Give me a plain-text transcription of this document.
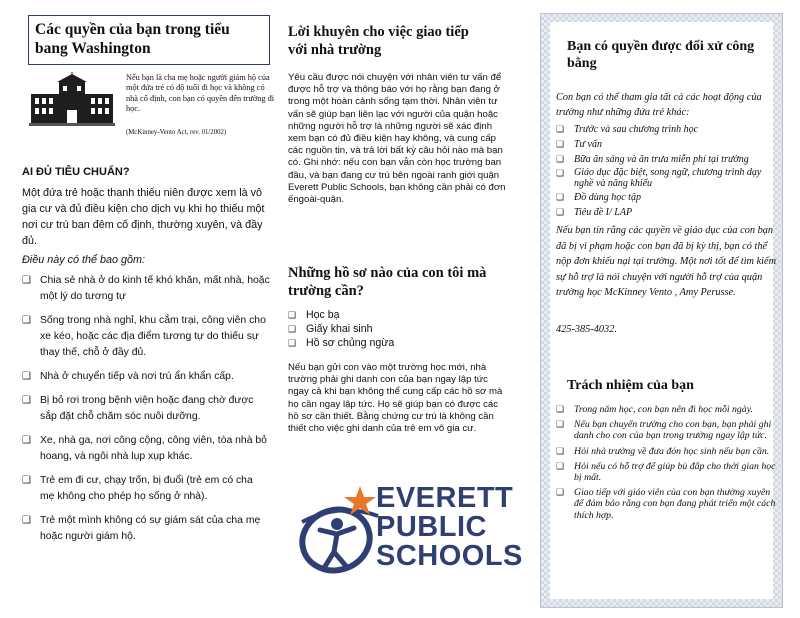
Các quyền của bạn trong tiểu bang Washington
Nếu bạn là cha mẹ hoặc người giám hộ của một đứa trẻ có độ tuổi đi học và không có nhà cố định, con bạn có quyền đến trường đi học.
(McKinney-Vento Act, rev. 01/2002)
AI ĐỦ TIÊU CHUẨN?

Một đứa trẻ hoặc thanh thiếu niên được xem là vô gia cư và đủ điều kiện cho dịch vụ khi họ thiếu một nơi cư trú ban đêm cố định, thường xuyên, và đầy đủ.

Điều này có thể bao gồm:

❑ Chia sẻ nhà ở do kinh tế khó khăn, mất nhà, hoặc một lý do tương tự
❑ Sống trong nhà nghỉ, khu cắm trại, công viên cho xe kéo, hoặc các địa điểm tương tự do thiếu sự thay thế, chỗ ở đầy đủ.
❑ Nhà ở chuyển tiếp và nơi trú ẩn khẩn cấp.
❑ Bị bỏ rơi trong bệnh viện hoặc đang chờ được sắp đặt chỗ chăm sóc nuôi dưỡng.
❑ Xe, nhà ga, nơi công cộng, công viên, tòa nhà bỏ hoang, và ngôi nhà lụp xụp khác.
❑ Trẻ em đi cư, chạy trốn, bị đuổi (trẻ em có cha mẹ không cho phép họ sống ở nhà).
❑ Trẻ một mình không có sự giám sát của cha mẹ hoặc người giám hộ.
Lời khuyên cho việc giao tiếp với nhà trường

Yêu cầu được nói chuyện với nhân viên tư vấn để được hỗ trợ và thông báo với họ rằng bạn đang ở trong một hoàn cảnh sống tạm thời. Nhân viên tư vấn sẽ giúp bạn liên lạc với người của quận hoặc những người hỗ trợ là những người sẽ xác định xem bạn có đủ điều kiện hay không, và cung cấp các nguồn tin, và trả lời bất kỳ câu hỏi nào mà bạn có. Ghi nhớ: nếu con bạn vẫn còn học trường ban đầu, và bạn đang cư trú bên ngoài ranh giới quận Everett Public Schools, bạn không cần phải có đơn ếngoài-quận.

Những hồ sơ nào của con tôi mà trường cần?
❑ Học bạ
❑ Giấy khai sinh
❑ Hồ sơ chủng ngừa

Nếu bạn gửi con vào một trường học mới, nhà trường phải ghi danh con của bạn ngay lập tức ngay cả khi bạn không thể cung cấp các hồ sơ mà họ cần ngay lập tức. Họ sẽ giúp bạn có được các hồ sơ cần thiết. Bằng chứng cư trú là không cần thiết cho việc ghi danh của trẻ em vô gia cư.

EVERETT
PUBLIC
SCHOOLS
Bạn có quyền được đối xử công bằng

Con bạn có thể tham gia tất cả các hoạt động của trường như những đứa trẻ khác:

❑ Trước và sau chương trình học
❑ Tư vấn
❑ Bữa ăn sáng và ăn trưa miễn phí tại trường
❑ Giáo dục đặc biệt, song ngữ, chương trình dạy nghề và năng khiếu
❑ Đồ dùng học tập
❑ Tiêu đề I/ LAP

Nếu bạn tin rằng các quyền về giáo dục của con bạn đã bị vi phạm hoặc con bạn đã bị kỳ thị, bạn có thể nộp đơn khiếu nại tại trường. Một nơi tốt để tìm kiếm sự hỗ trợ là nói chuyện với người hỗ trợ của quận trường học McKinney Vento , Amy Perusse.

425-385-4032.

Trách nhiệm của bạn
❑ Trong năm học, con bạn nên đi học mỗi ngày.
❑ Nếu bạn chuyển trường cho con bạn, bạn phải ghi danh cho con của bạn trong trường ngay lập tức.
❑ Hỏi nhà trường về đưa đón học sinh nếu bạn cần.
❑ Hỏi nếu có hỗ trợ để giúp bù đắp cho thời gian học bị mất.
❑ Giao tiếp với giáo viên của con bạn thường xuyên để đảm bảo rằng con bạn đang phát triển một cách thích hợp.
